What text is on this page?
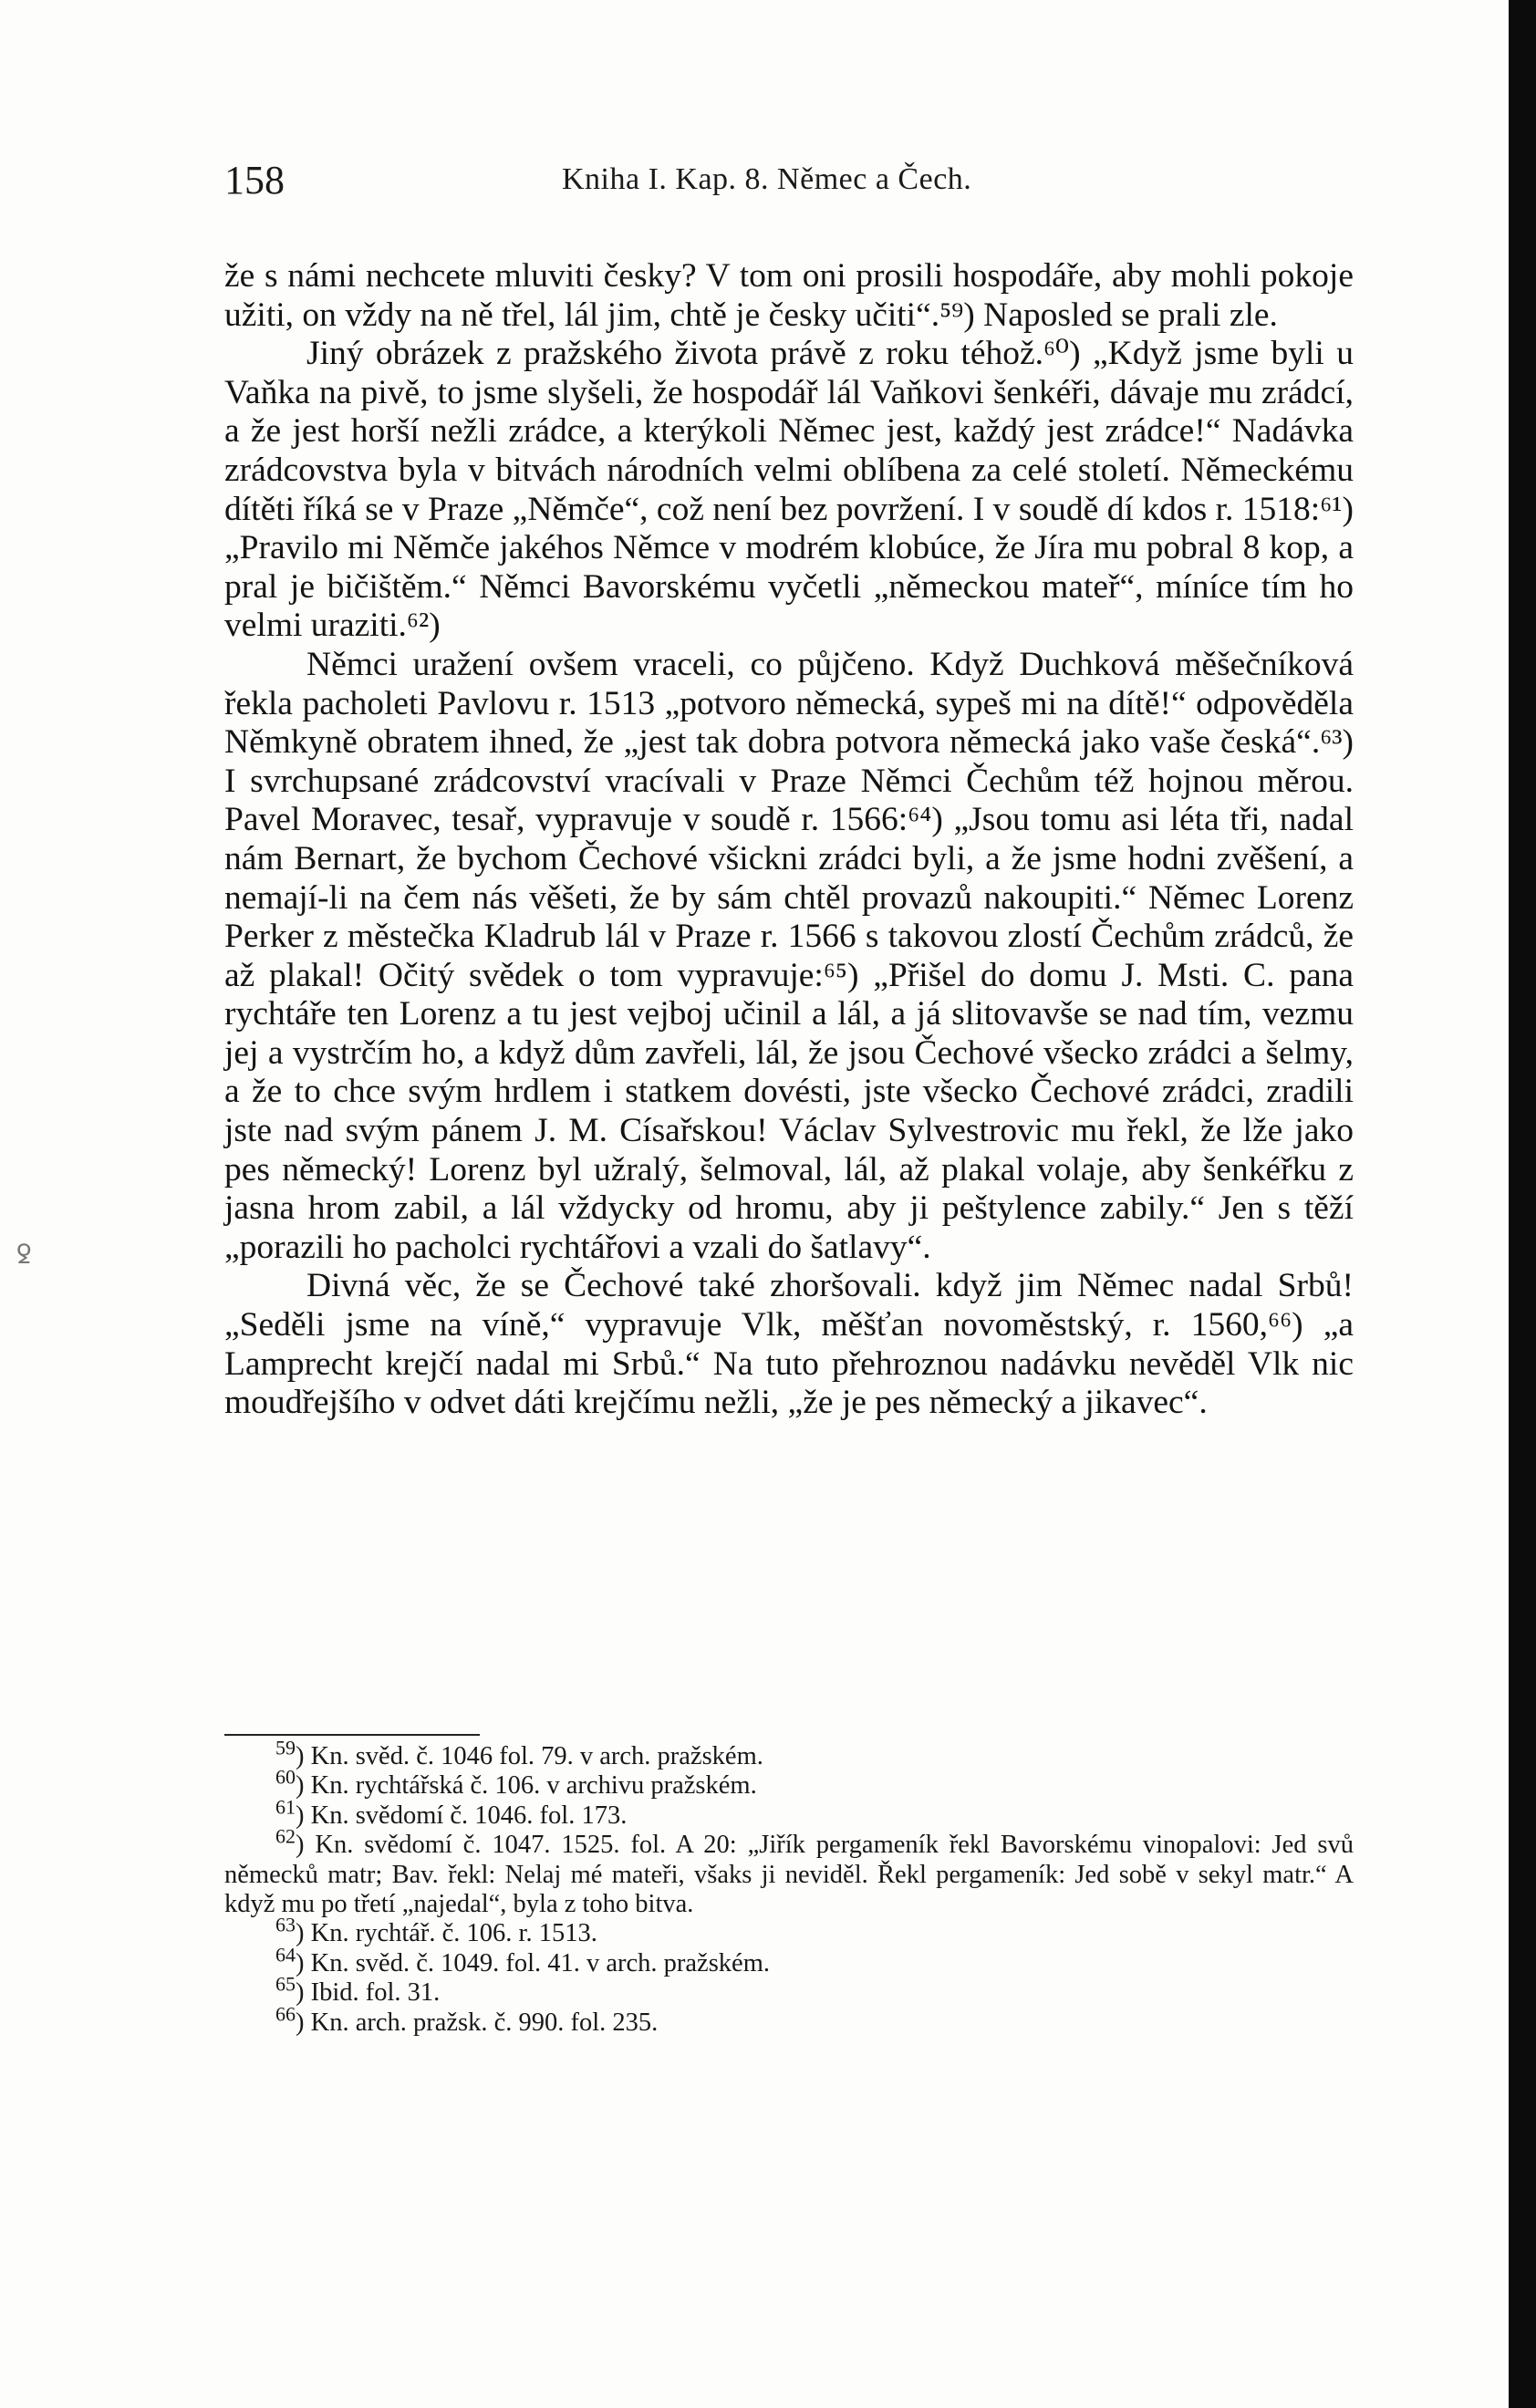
158	Kniha I. Kap. 8. Němec a Čech.

že s námi nechcete mluviti česky? V tom oni prosili hospodáře, aby mohli pokoje užiti, on vždy na ně třel, lál jim, chtě je česky učiti“.⁵⁹) Naposled se prali zle.

Jiný obrázek z pražského života právě z roku téhož.⁶⁰) „Když jsme byli u Vaňka na pivě, to jsme slyšeli, že hospodář lál Vaňkovi šenkéři, dávaje mu zrádcí, a že jest horší nežli zrádce, a kterýkoli Němec jest, každý jest zrádce!“ Nadávka zrádcovstva byla v bitvách národních velmi oblíbena za celé století. Německému dítěti říká se v Praze „Němče“, což není bez povržení. I v soudě dí kdos r. 1518:⁶¹) „Pravilo mi Němče jakéhos Němce v modrém klobúce, že Jíra mu pobral 8 kop, a pral je bičištěm.“ Němci Bavorskému vyčetli „německou mateř“, míníce tím ho velmi uraziti.⁶²)

Němci uražení ovšem vraceli, co půjčeno. Když Duchková měšečníková řekla pacholeti Pavlovu r. 1513 „potvoro německá, sypeš mi na dítě!“ odpověděla Němkyně obratem ihned, že „jest tak dobra potvora německá jako vaše česká“.⁶³) I svrchupsané zrádcovství vracívali v Praze Němci Čechům též hojnou měrou. Pavel Moravec, tesař, vypravuje v soudě r. 1566:⁶⁴) „Jsou tomu asi léta tři, nadal nám Bernart, že bychom Čechové všickni zrádci byli, a že jsme hodni zvěšení, a nemají-li na čem nás věšeti, že by sám chtěl provazů nakoupiti.“ Němec Lorenz Perker z městečka Kladrub lál v Praze r. 1566 s takovou zlostí Čechům zrádců, že až plakal! Očitý svědek o tom vypravuje:⁶⁵) „Přišel do domu J. Msti. C. pana rychtáře ten Lorenz a tu jest vejboj učinil a lál, a já slitovavše se nad tím, vezmu jej a vystrčím ho, a když dům zavřeli, lál, že jsou Čechové všecko zrádci a šelmy, a že to chce svým hrdlem i statkem dovésti, jste všecko Čechové zrádci, zradili jste nad svým pánem J. M. Císařskou! Václav Sylvestrovic mu řekl, že lže jako pes německý! Lorenz byl užralý, šelmoval, lál, až plakal volaje, aby šenkéřku z jasna hrom zabil, a lál vždycky od hromu, aby ji peštylence zabily.“ Jen s těží „porazili ho pacholci rychtářovi a vzali do šatlavy“.

Divná věc, že se Čechové také zhoršovali. když jim Němec nadal Srbů! „Seděli jsme na víně,“ vypravuje Vlk, měšťan novoměstský, r. 1560,⁶⁶) „a Lamprecht krejčí nadal mi Srbů.“ Na tuto přehroznou nadávku nevěděl Vlk nic moudřejšího v odvet dáti krejčímu nežli, „že je pes německý a jikavec“.

$^{59}$) Kn. svěd. č. 1046 fol. 79. v arch. pražském.

$^{60}$) Kn. rychtářská č. 106. v archivu pražském.

$^{61}$) Kn. svědomí č. 1046. fol. 173.

$^{62}$) Kn. svědomí č. 1047. 1525. fol. A 20: „Jiřík pergameník řekl Bavorskému vinopalovi: Jed svů německů matr; Bav. řekl: Nelaj mé mateři, všaks ji neviděl. Řekl pergameník: Jed sobě v sekyl matr.“ A když mu po třetí „najedal“, byla z toho bitva.

$^{63}$) Kn. rychtář. č. 106. r. 1513.

$^{64}$) Kn. svěd. č. 1049. fol. 41. v arch. pražském.

$^{65}$) Ibid. fol. 31.

$^{66}$) Kn. arch. pražsk. č. 990. fol. 235.

ꝿ
